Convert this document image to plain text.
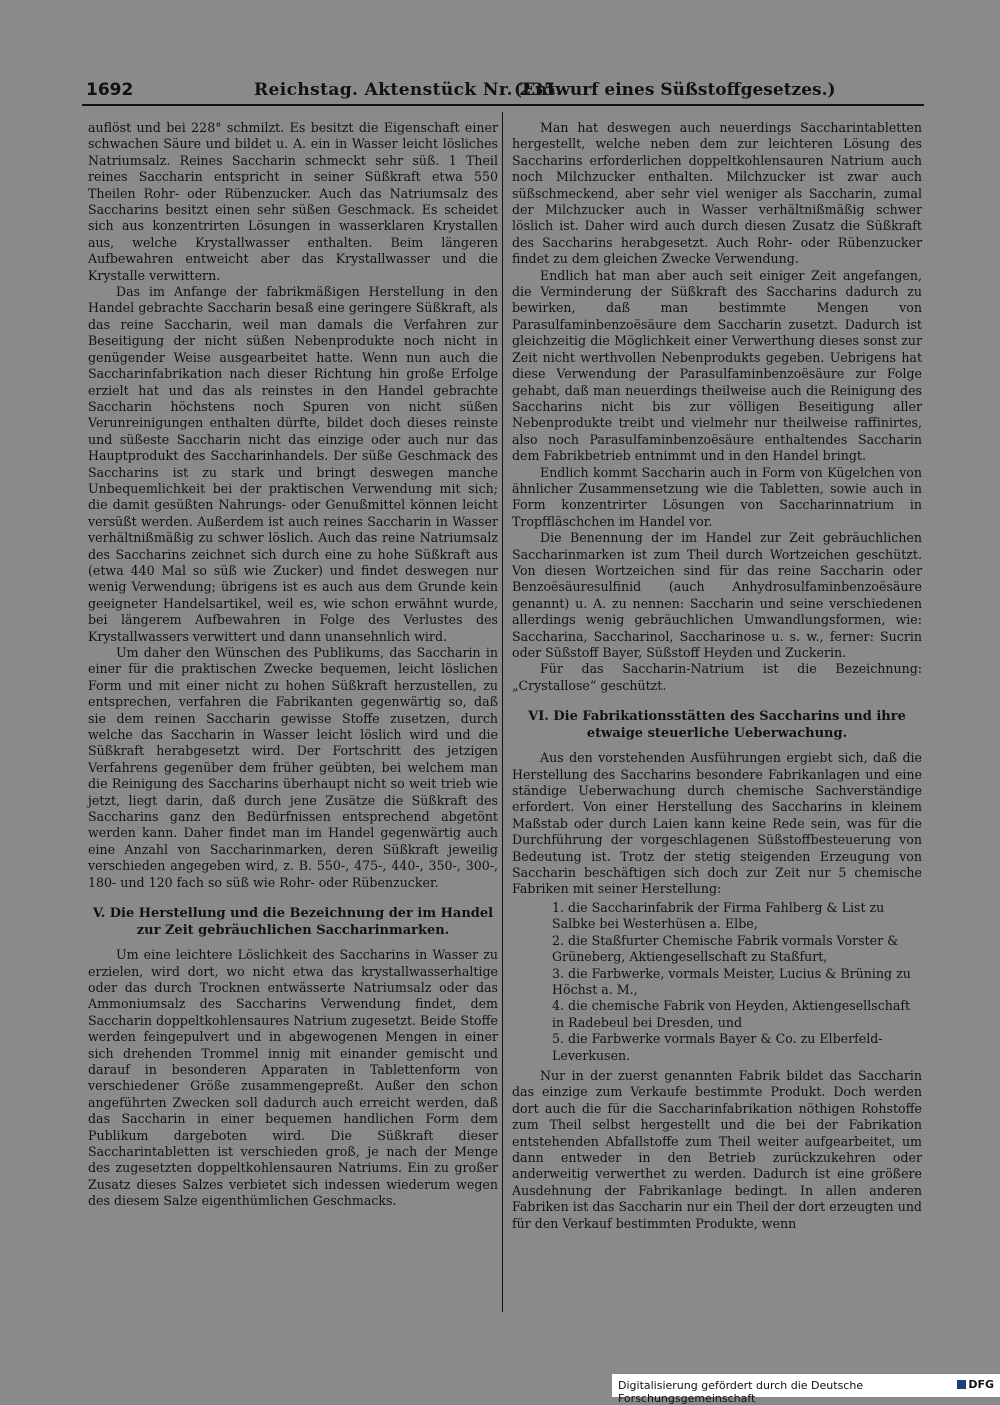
1692	Reichstag. Aktenstück Nr. 235.
(Entwurf eines Süßstoffgesetzes.)

auflöst und bei 228° schmilzt. Es besitzt die Eigenschaft einer schwachen Säure und bildet u. A. ein in Wasser leicht lösliches Natriumsalz. Reines Saccharin schmeckt sehr süß. 1 Theil reines Saccharin entspricht in seiner Süßkraft etwa 550 Theilen Rohr- oder Rübenzucker. Auch das Natriumsalz des Saccharins besitzt einen sehr süßen Geschmack. Es scheidet sich aus konzentrirten Lösungen in wasserklaren Krystallen aus, welche Krystallwasser enthalten. Beim längeren Aufbewahren entweicht aber das Krystallwasser und die Krystalle verwittern.

Das im Anfange der fabrikmäßigen Herstellung in den Handel gebrachte Saccharin besaß eine geringere Süßkraft, als das reine Saccharin, weil man damals die Verfahren zur Beseitigung der nicht süßen Nebenprodukte noch nicht in genügender Weise ausgearbeitet hatte. Wenn nun auch die Saccharinfabrikation nach dieser Richtung hin große Erfolge erzielt hat und das als reinstes in den Handel gebrachte Saccharin höchstens noch Spuren von nicht süßen Verunreinigungen enthalten dürfte, bildet doch dieses reinste und süßeste Saccharin nicht das einzige oder auch nur das Hauptprodukt des Saccharinhandels. Der süße Geschmack des Saccharins ist zu stark und bringt deswegen manche Unbequemlichkeit bei der praktischen Verwendung mit sich; die damit gesüßten Nahrungs- oder Genußmittel können leicht versüßt werden. Außerdem ist auch reines Saccharin in Wasser verhältnißmäßig zu schwer löslich. Auch das reine Natriumsalz des Saccharins zeichnet sich durch eine zu hohe Süßkraft aus (etwa 440 Mal so süß wie Zucker) und findet deswegen nur wenig Verwendung; übrigens ist es auch aus dem Grunde kein geeigneter Handelsartikel, weil es, wie schon erwähnt wurde, bei längerem Aufbewahren in Folge des Verlustes des Krystallwassers verwittert und dann unansehnlich wird.

Um daher den Wünschen des Publikums, das Saccharin in einer für die praktischen Zwecke bequemen, leicht löslichen Form und mit einer nicht zu hohen Süßkraft herzustellen, zu entsprechen, verfahren die Fabrikanten gegenwärtig so, daß sie dem reinen Saccharin gewisse Stoffe zusetzen, durch welche das Saccharin in Wasser leicht löslich wird und die Süßkraft herabgesetzt wird. Der Fortschritt des jetzigen Verfahrens gegenüber dem früher geübten, bei welchem man die Reinigung des Saccharins überhaupt nicht so weit trieb wie jetzt, liegt darin, daß durch jene Zusätze die Süßkraft des Saccharins ganz den Bedürfnissen entsprechend abgetönt werden kann. Daher findet man im Handel gegenwärtig auch eine Anzahl von Saccharinmarken, deren Süßkraft jeweilig verschieden angegeben wird, z. B. 550-, 475-, 440-, 350-, 300-, 180- und 120 fach so süß wie Rohr- oder Rübenzucker.

V. Die Herstellung und die Bezeichnung der im Handel zur Zeit gebräuchlichen Saccharinmarken.

Um eine leichtere Löslichkeit des Saccharins in Wasser zu erzielen, wird dort, wo nicht etwa das krystallwasserhaltige oder das durch Trocknen entwässerte Natriumsalz oder das Ammoniumsalz des Saccharins Verwendung findet, dem Saccharin doppeltkohlensaures Natrium zugesetzt. Beide Stoffe werden feingepulvert und in abgewogenen Mengen in einer sich drehenden Trommel innig mit einander gemischt und darauf in besonderen Apparaten in Tablettenform von verschiedener Größe zusammengepreßt. Außer den schon angeführten Zwecken soll dadurch auch erreicht werden, daß das Saccharin in einer bequemen handlichen Form dem Publikum dargeboten wird. Die Süßkraft dieser Saccharintabletten ist verschieden groß, je nach der Menge des zugesetzten doppeltkohlensauren Natriums. Ein zu großer Zusatz dieses Salzes verbietet sich indessen wiederum wegen des diesem Salze eigenthümlichen Geschmacks.

Man hat deswegen auch neuerdings Saccharintabletten hergestellt, welche neben dem zur leichteren Lösung des Saccharins erforderlichen doppeltkohlensauren Natrium auch noch Milchzucker enthalten. Milchzucker ist zwar auch süßschmeckend, aber sehr viel weniger als Saccharin, zumal der Milchzucker auch in Wasser verhältnißmäßig schwer löslich ist. Daher wird auch durch diesen Zusatz die Süßkraft des Saccharins herabgesetzt. Auch Rohr- oder Rübenzucker findet zu dem gleichen Zwecke Verwendung.

Endlich hat man aber auch seit einiger Zeit angefangen, die Verminderung der Süßkraft des Saccharins dadurch zu bewirken, daß man bestimmte Mengen von Parasulfaminbenzoësäure dem Saccharin zusetzt. Dadurch ist gleichzeitig die Möglichkeit einer Verwerthung dieses sonst zur Zeit nicht werthvollen Nebenprodukts gegeben. Uebrigens hat diese Verwendung der Parasulfaminbenzoësäure zur Folge gehabt, daß man neuerdings theilweise auch die Reinigung des Saccharins nicht bis zur völligen Beseitigung aller Nebenprodukte treibt und vielmehr nur theilweise raffinirtes, also noch Parasulfaminbenzoësäure enthaltendes Saccharin dem Fabrikbetrieb entnimmt und in den Handel bringt.

Endlich kommt Saccharin auch in Form von Kügelchen von ähnlicher Zusammensetzung wie die Tabletten, sowie auch in Form konzentrirter Lösungen von Saccharinnatrium in Tropffläschchen im Handel vor.

Die Benennung der im Handel zur Zeit gebräuchlichen Saccharinmarken ist zum Theil durch Wortzeichen geschützt. Von diesen Wortzeichen sind für das reine Saccharin oder Benzoësäuresulfinid (auch Anhydrosulfaminbenzoësäure genannt) u. A. zu nennen: Saccharin und seine verschiedenen allerdings wenig gebräuchlichen Umwandlungsformen, wie: Saccharina, Saccharinol, Saccharinose u. s. w., ferner: Sucrin oder Süßstoff Bayer, Süßstoff Heyden und Zuckerin.

Für das Saccharin-Natrium ist die Bezeichnung: „Crystallose“ geschützt.

VI. Die Fabrikationsstätten des Saccharins und ihre etwaige steuerliche Ueberwachung.

Aus den vorstehenden Ausführungen ergiebt sich, daß die Herstellung des Saccharins besondere Fabrikanlagen und eine ständige Ueberwachung durch chemische Sachverständige erfordert. Von einer Herstellung des Saccharins in kleinem Maßstab oder durch Laien kann keine Rede sein, was für die Durchführung der vorgeschlagenen Süßstoffbesteuerung von Bedeutung ist. Trotz der stetig steigenden Erzeugung von Saccharin beschäftigen sich doch zur Zeit nur 5 chemische Fabriken mit seiner Herstellung:

1. die Saccharinfabrik der Firma Fahlberg & List zu Salbke bei Westerhüsen a. Elbe,
2. die Staßfurter Chemische Fabrik vormals Vorster & Grüneberg, Aktiengesellschaft zu Staßfurt,
3. die Farbwerke, vormals Meister, Lucius & Brüning zu Höchst a. M.,
4. die chemische Fabrik von Heyden, Aktiengesellschaft in Radebeul bei Dresden, und
5. die Farbwerke vormals Bayer & Co. zu Elberfeld-Leverkusen.

Nur in der zuerst genannten Fabrik bildet das Saccharin das einzige zum Verkaufe bestimmte Produkt. Doch werden dort auch die für die Saccharinfabrikation nöthigen Rohstoffe zum Theil selbst hergestellt und die bei der Fabrikation entstehenden Abfallstoffe zum Theil weiter aufgearbeitet, um dann entweder in den Betrieb zurückzukehren oder anderweitig verwerthet zu werden. Dadurch ist eine größere Ausdehnung der Fabrikanlage bedingt. In allen anderen Fabriken ist das Saccharin nur ein Theil der dort erzeugten und für den Verkauf bestimmten Produkte, wenn

Digitalisierung gefördert durch die Deutsche Forschungsgemeinschaft
DFG
